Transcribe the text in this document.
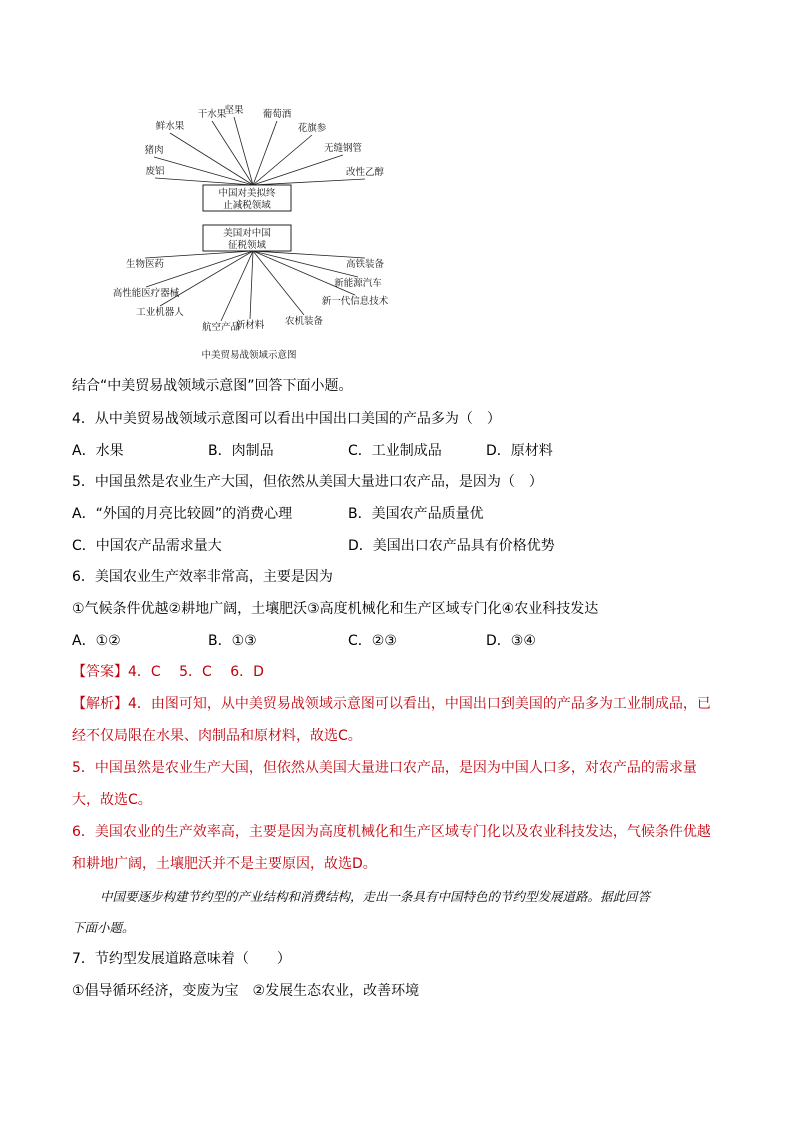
中国对美拟终
止减税领域
美国对中国
征税领域
干水果
坚果 葡萄酒
鲜水果	花旗参
猪肉	无缝钢管
废铝	改性乙醇
生物医药	高铁装备
高性能医疗器械
新能源汽车
新一代信息技术
工业机器人
农机装备
航空产品
新材料
中美贸易战领域示意图
结合“中美贸易战领域示意图”回答下面小题。
4．从中美贸易战领域示意图可以看出中国出口美国的产品多为（　）
A．水果	B．肉制品	C．工业制成品	D．原材料
5．中国虽然是农业生产大国，但依然从美国大量进口农产品，是因为（　）
A．“外国的月亮比较圆”的消费心理	B．美国农产品质量优
C．中国农产品需求量大	D．美国出口农产品具有价格优势
6．美国农业生产效率非常高，主要是因为
①气候条件优越②耕地广阔，土壤肥沃③高度机械化和生产区域专门化④农业科技发达
A．①②	B．①③	C．②③	D．③④
【答案】4．C　 5．C　 6．D
【解析】4．由图可知，从中美贸易战领域示意图可以看出，中国出口到美国的产品多为工业制成品，已
经不仅局限在水果、肉制品和原材料，故选C。
5．中国虽然是农业生产大国，但依然从美国大量进口农产品，是因为中国人口多，对农产品的需求量
大，故选C。
6．美国农业的生产效率高，主要是因为高度机械化和生产区域专门化以及农业科技发达，气候条件优越
和耕地广阔，土壤肥沃并不是主要原因，故选D。
中国要逐步构建节约型的产业结构和消费结构，走出一条具有中国特色的节约型发展道路。据此回答
下面小题。
7．节约型发展道路意味着（　　）
①倡导循环经济，变废为宝　②发展生态农业，改善环境
